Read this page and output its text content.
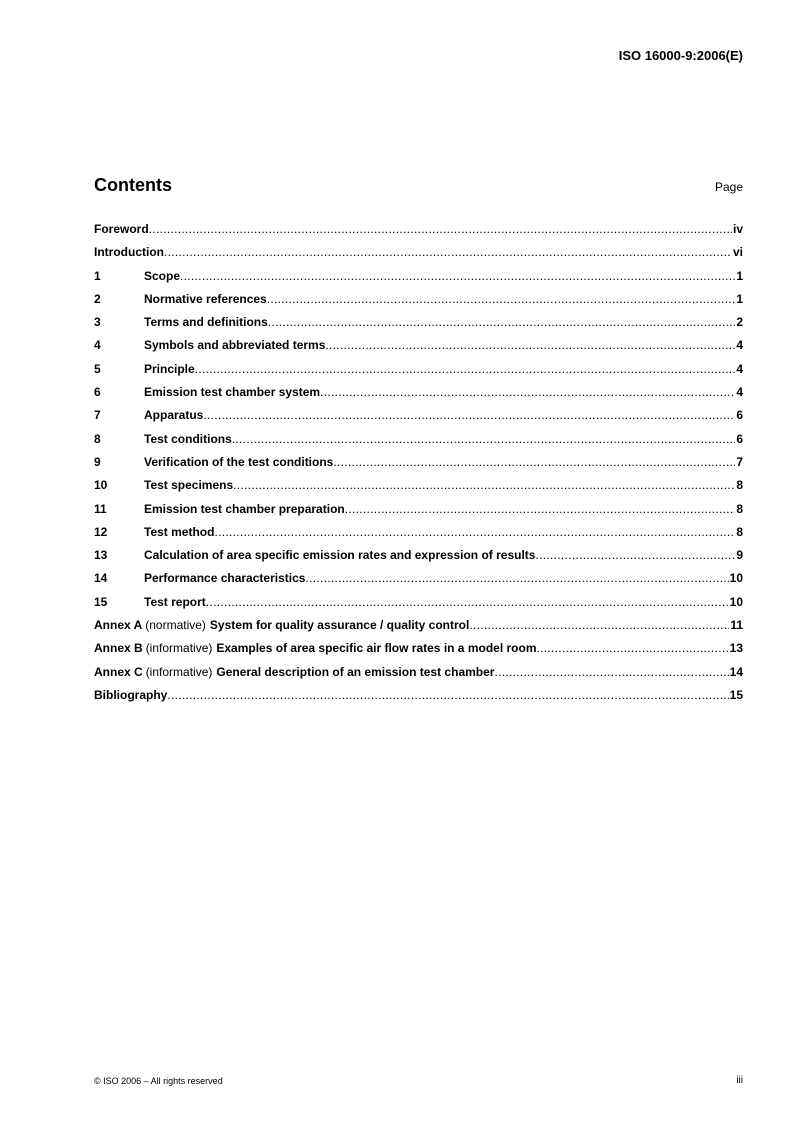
ISO 16000-9:2006(E)
Contents	Page
Foreword .....	iv
Introduction .....	vi
1	Scope .....	1
2	Normative references .....	1
3	Terms and definitions .....	2
4	Symbols and abbreviated terms .....	4
5	Principle .....	4
6	Emission test chamber system .....	4
7	Apparatus .....	6
8	Test conditions .....	6
9	Verification of the test conditions .....	7
10	Test specimens .....	8
11	Emission test chamber preparation .....	8
12	Test method .....	8
13	Calculation of area specific emission rates and expression of results .....	9
14	Performance characteristics .....	10
15	Test report .....	10
Annex A (normative) System for quality assurance / quality control .....	11
Annex B (informative) Examples of area specific air flow rates in a model room .....	13
Annex C (informative) General description of an emission test chamber .....	14
Bibliography .....	15
© ISO 2006 – All rights reserved	iii
